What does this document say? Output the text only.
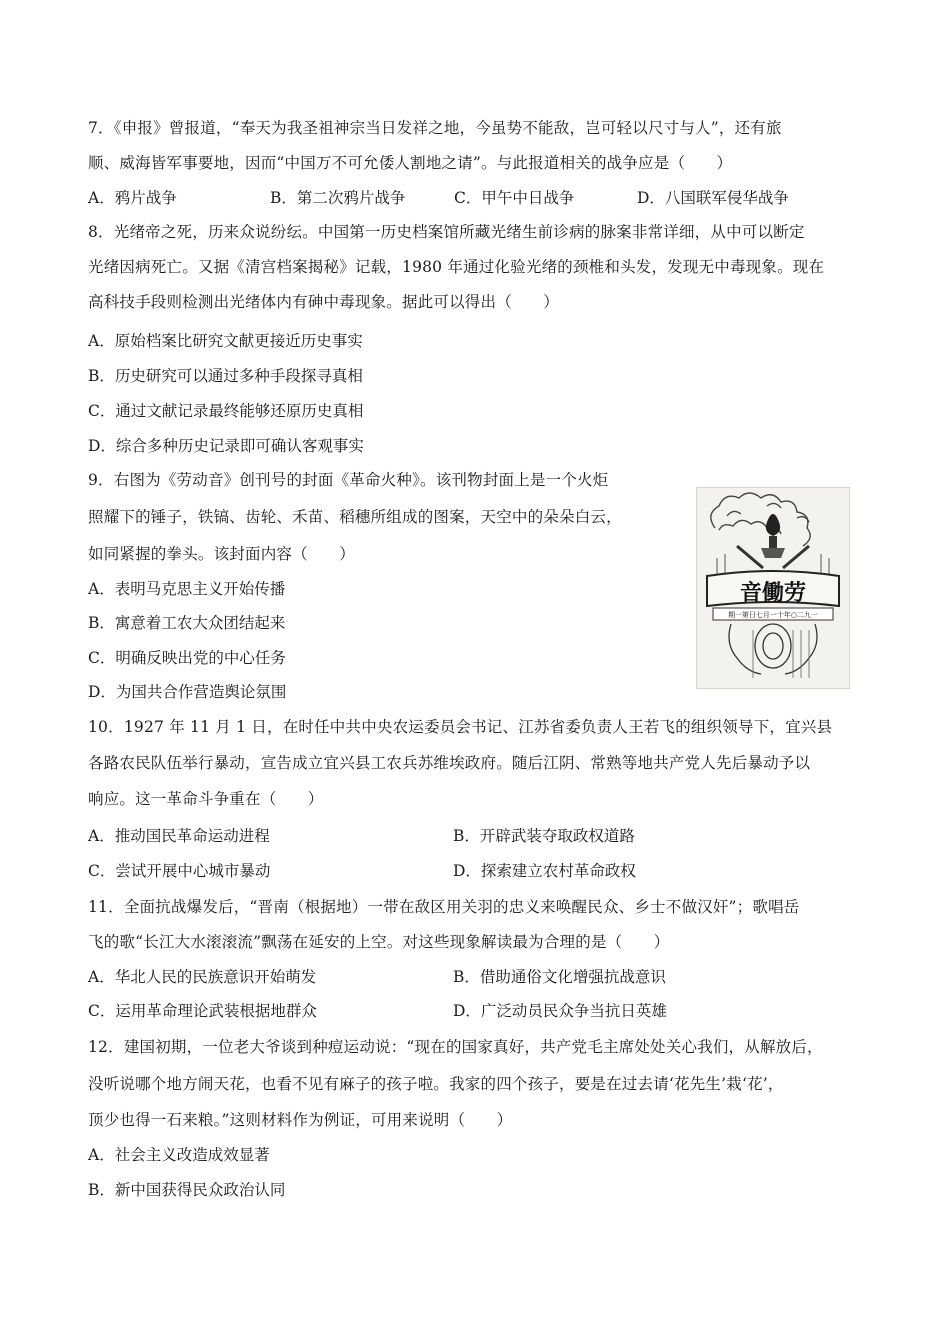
7．《申报》曾报道，“奉天为我圣祖神宗当日发祥之地，今虽势不能敌，岂可轻以尺寸与人”，还有旅
顺、威海皆军事要地，因而“中国万不可允倭人割地之请”。与此报道相关的战争应是（　　）
A．鸦片战争	B．第二次鸦片战争	C．甲午中日战争	D．八国联军侵华战争
8．光绪帝之死，历来众说纷纭。中国第一历史档案馆所藏光绪生前诊病的脉案非常详细，从中可以断定
光绪因病死亡。又据《清宫档案揭秘》记载，1980 年通过化验光绪的颈椎和头发，发现无中毒现象。现在
高科技手段则检测出光绪体内有砷中毒现象。据此可以得出（　　）
A．原始档案比研究文献更接近历史事实
B．历史研究可以通过多种手段探寻真相
C．通过文献记录最终能够还原历史真相
D．综合多种历史记录即可确认客观事实
9．右图为《劳动音》创刊号的封面《革命火种》。该刊物封面上是一个火炬
照耀下的锤子，铁镐、齿轮、禾苗、稻穗所组成的图案，天空中的朵朵白云，
如同紧握的拳头。该封面内容（　　）
A．表明马克思主义开始传播
B．寓意着工农大众团结起来
C．明确反映出党的中心任务
D．为国共合作营造舆论氛围
音働劳
期一第日七月一十年○二九一
10．1927 年 11 月 1 日，在时任中共中央农运委员会书记、江苏省委负责人王若飞的组织领导下，宜兴县
各路农民队伍举行暴动，宣告成立宜兴县工农兵苏维埃政府。随后江阴、常熟等地共产党人先后暴动予以
响应。这一革命斗争重在（　　）
A．推动国民革命运动进程	B．开辟武装夺取政权道路
C．尝试开展中心城市暴动	D．探索建立农村革命政权
11．全面抗战爆发后，“晋南（根据地）一带在敌区用关羽的忠义来唤醒民众、乡士不做汉奸”；歌唱岳
飞的歌“长江大水滚滚流”飘荡在延安的上空。对这些现象解读最为合理的是（　　）
A．华北人民的民族意识开始萌发	B．借助通俗文化增强抗战意识
C．运用革命理论武装根据地群众	D．广泛动员民众争当抗日英雄
12．建国初期，一位老大爷谈到种痘运动说：“现在的国家真好，共产党毛主席处处关心我们，从解放后，
没听说哪个地方闹天花，也看不见有麻子的孩子啦。我家的四个孩子，要是在过去请‘花先生’栽‘花’，
顶少也得一石来粮。”这则材料作为例证，可用来说明（　　）
A．社会主义改造成效显著
B．新中国获得民众政治认同
